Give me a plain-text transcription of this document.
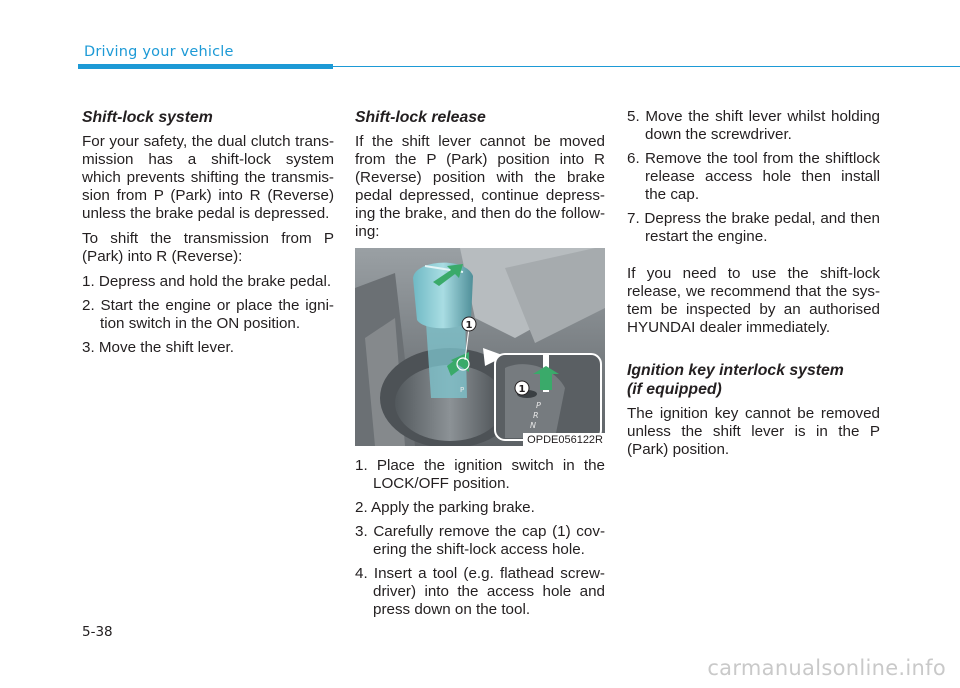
Driving your vehicle
Shift-lock system

For your safety, the dual clutch trans-mission has a shift-lock system which prevents shifting the transmis-sion from P (Park) into R (Reverse) unless the brake pedal is depressed.

To shift the transmission from P (Park) into R (Reverse):

1. Depress and hold the brake pedal.
2. Start the engine or place the igni-tion switch in the ON position.
3. Move the shift lever.
Shift-lock release

If the shift lever cannot be moved from the P (Park) position into R (Reverse) position with the brake pedal depressed, continue depress-ing the brake, and then do the follow-ing:

P
1
1
P
R
N
OPDE056122R
1. Place the ignition switch in the LOCK/OFF position.
2. Apply the parking brake.
3. Carefully remove the cap (1) cov-ering the shift-lock access hole.
4. Insert a tool (e.g. flathead screw-driver) into the access hole and press down on the tool.
5. Move the shift lever whilst holding down the screwdriver.
6. Remove the tool from the shiftlock release access hole then install the cap.
7. Depress the brake pedal, and then restart the engine.

If you need to use the shift-lock release, we recommend that the sys-tem be inspected by an authorised HYUNDAI dealer immediately.

Ignition key interlock system
(if equipped)

The ignition key cannot be removed unless the shift lever is in the P (Park) position.

5-38
carmanualsonline.info
